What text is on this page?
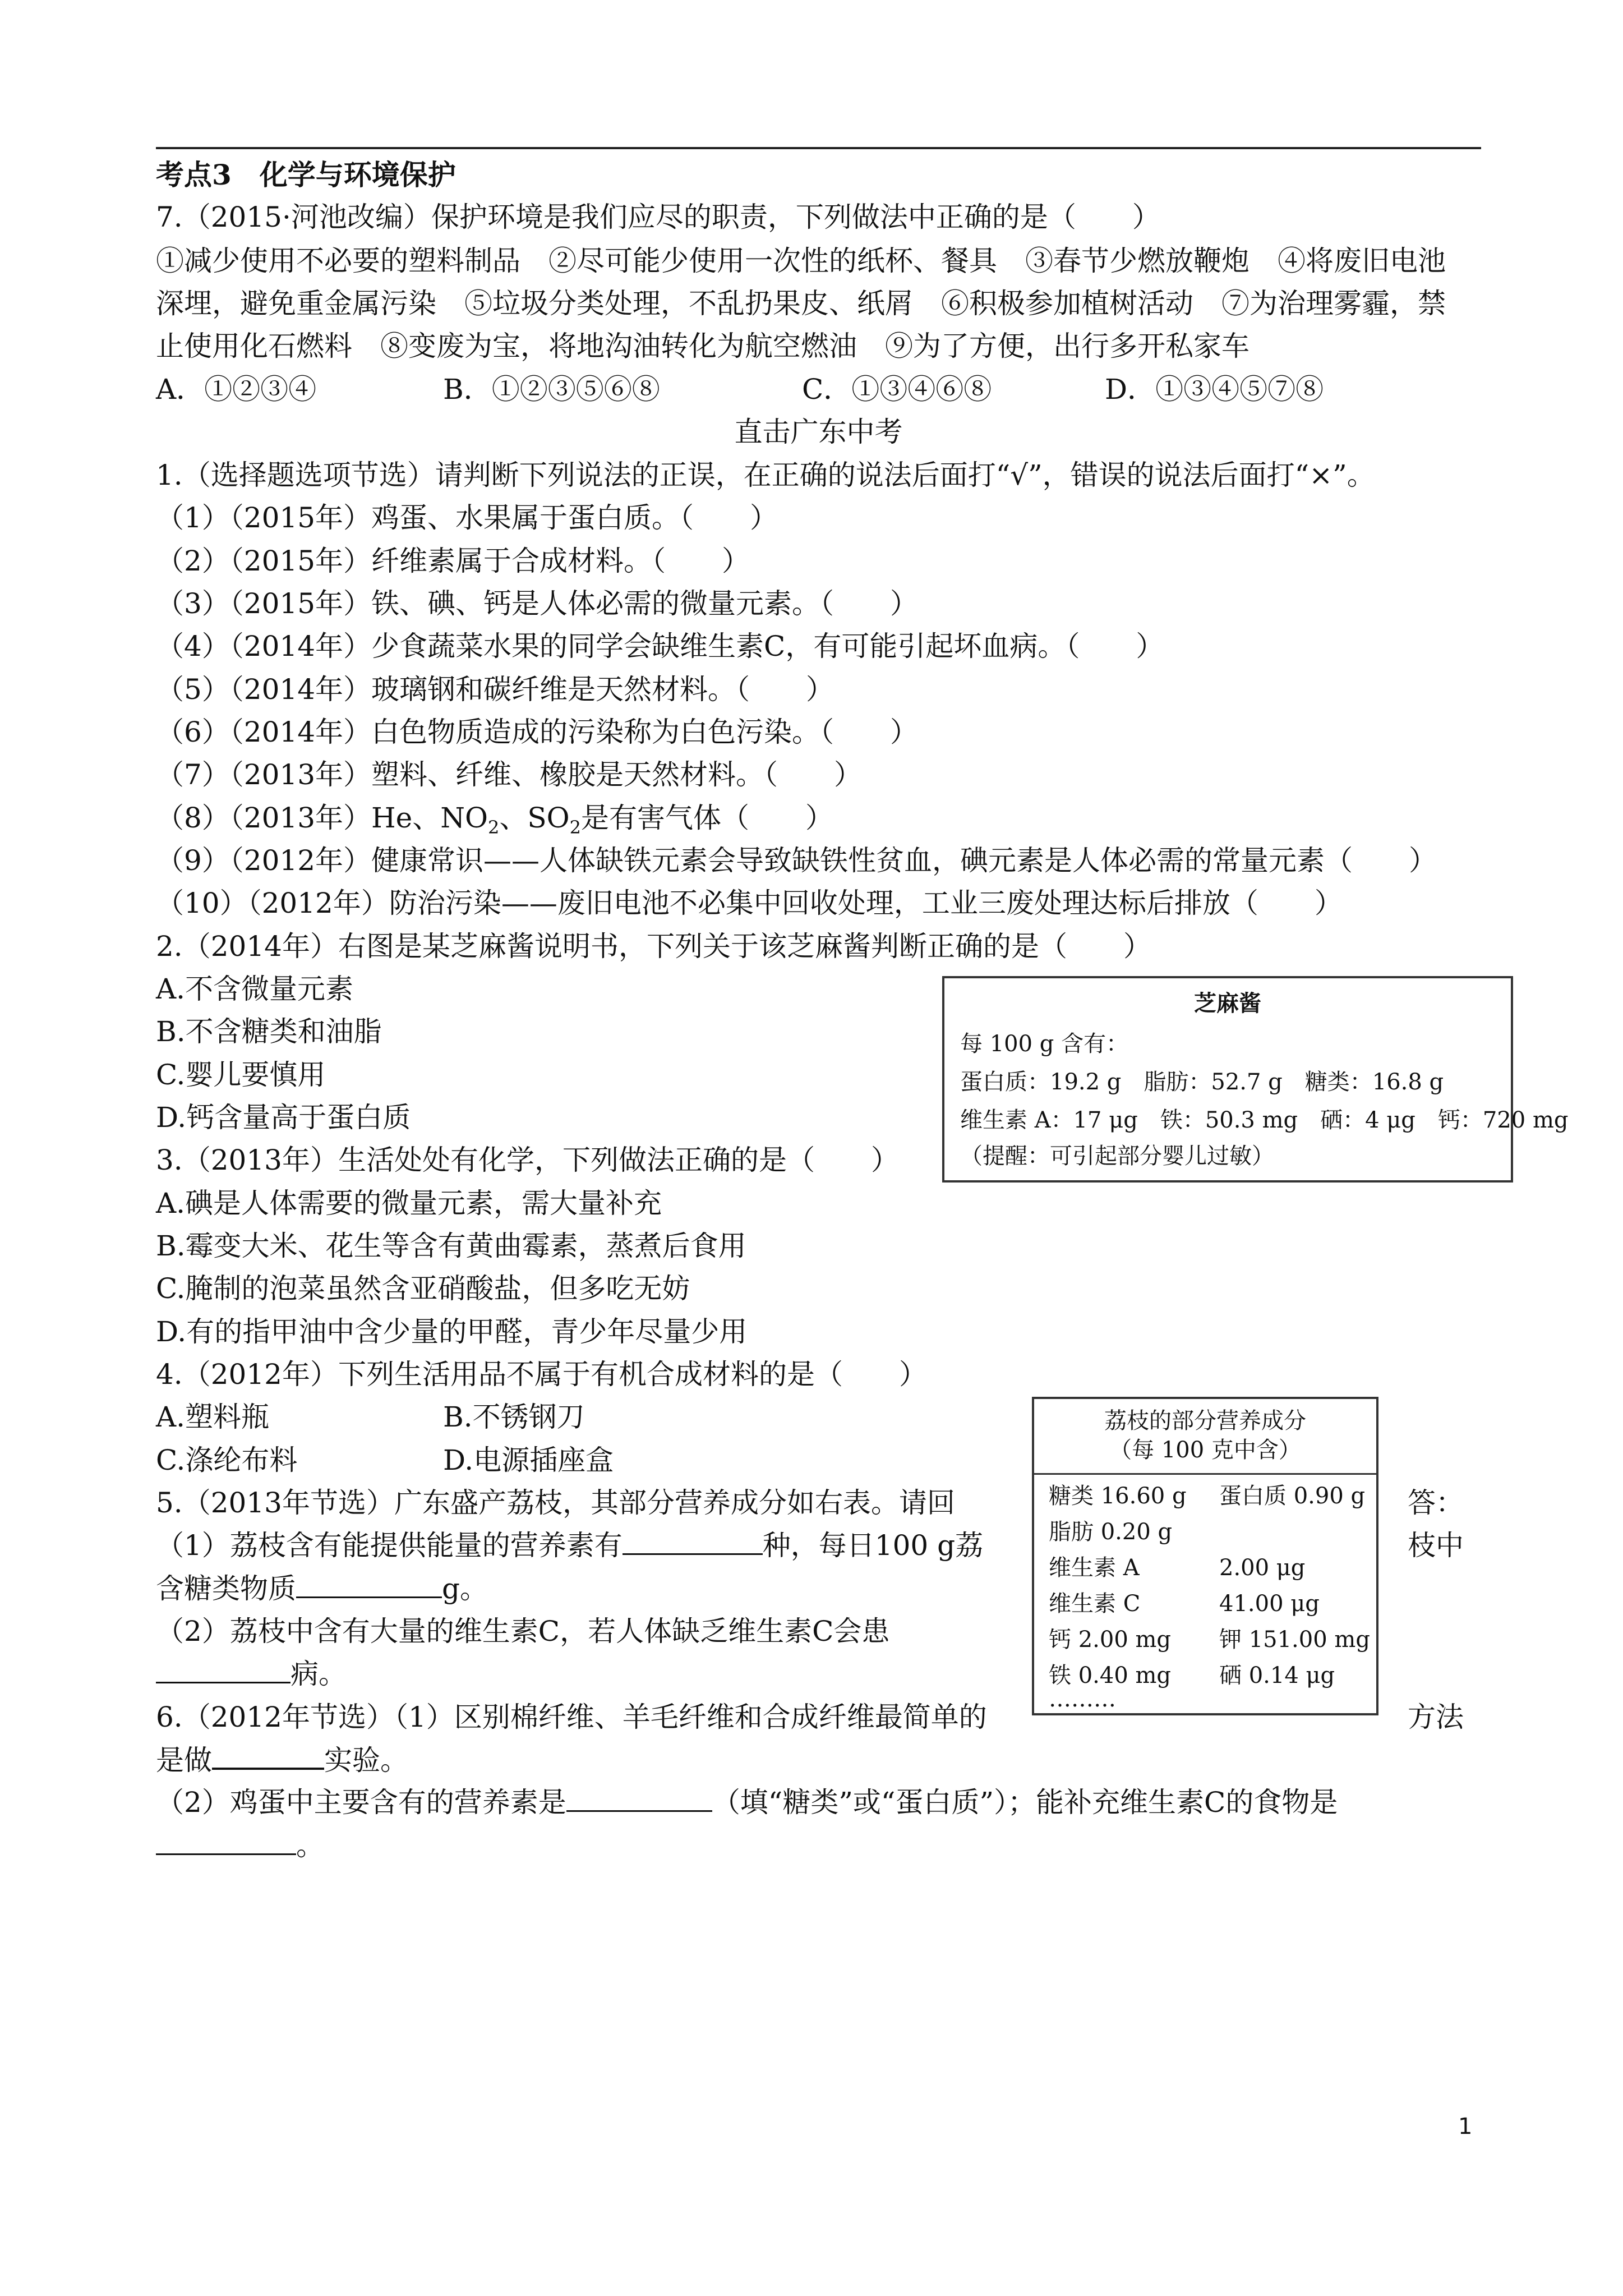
考点3　化学与环境保护
7.（2015·河池改编）保护环境是我们应尽的职责，下列做法中正确的是（　　）
①减少使用不必要的塑料制品　②尽可能少使用一次性的纸杯、餐具　③春节少燃放鞭炮　④将废旧电池
深埋，避免重金属污染　⑤垃圾分类处理，不乱扔果皮、纸屑　⑥积极参加植树活动　⑦为治理雾霾，禁
止使用化石燃料　⑧变废为宝，将地沟油转化为航空燃油　⑨为了方便，出行多开私家车
A．①②③④	B．①②③⑤⑥⑧	C．①③④⑥⑧	D．①③④⑤⑦⑧
直击广东中考
1.（选择题选项节选）请判断下列说法的正误，在正确的说法后面打“√”，错误的说法后面打“×”。
（1）（2015年）鸡蛋、水果属于蛋白质。（　　）
（2）（2015年）纤维素属于合成材料。（　　）
（3）（2015年）铁、碘、钙是人体必需的微量元素。（　　）
（4）（2014年）少食蔬菜水果的同学会缺维生素C，有可能引起坏血病。（　　）
（5）（2014年）玻璃钢和碳纤维是天然材料。（　　）
（6）（2014年）白色物质造成的污染称为白色污染。（　　）
（7）（2013年）塑料、纤维、橡胶是天然材料。（　　）
（8）（2013年）He、$NO_2$、$SO_2$是有害气体（　　）
（9）（2012年）健康常识——人体缺铁元素会导致缺铁性贫血，碘元素是人体必需的常量元素（　　）
（10）（2012年）防治污染——废旧电池不必集中回收处理，工业三废处理达标后排放（　　）
2.（2014年）右图是某芝麻酱说明书，下列关于该芝麻酱判断正确的是（　　）
A.不含微量元素
B.不含糖类和油脂
C.婴儿要慎用
D.钙含量高于蛋白质
芝麻酱
每 100 g 含有：
蛋白质：19.2 g　脂肪：52.7 g　糖类：16.8 g
维生素 A：17 μg　铁：50.3 mg　硒：4 μg　钙：720 mg
（提醒：可引起部分婴儿过敏）
3.（2013年）生活处处有化学，下列做法正确的是（　　）
A.碘是人体需要的微量元素，需大量补充
B.霉变大米、花生等含有黄曲霉素，蒸煮后食用
C.腌制的泡菜虽然含亚硝酸盐，但多吃无妨
D.有的指甲油中含少量的甲醛，青少年尽量少用
4.（2012年）下列生活用品不属于有机合成材料的是（　　）
A.塑料瓶	B.不锈钢刀
C.涤纶布料	D.电源插座盒
5.（2013年节选）广东盛产荔枝，其部分营养成分如右表。请回	答：
（1）荔枝含有能提供能量的营养素有	种，每日100 g荔	枝中
含糖类物质	g。
（2）荔枝中含有大量的维生素C，若人体缺乏维生素C会患
病。
荔枝的部分营养成分
（每 100 克中含）
糖类 16.60 g 蛋白质 0.90 g
脂肪 0.20 g
维生素 A	2.00 μg
维生素 C	41.00 μg
钙 2.00 mg 钾 151.00 mg
铁 0.40 mg 硒 0.14 μg
………
6.（2012年节选）（1）区别棉纤维、羊毛纤维和合成纤维最简单的	方法
是做	实验。
（2）鸡蛋中主要含有的营养素是	（填“糖类”或“蛋白质”）；能补充维生素C的食物是
。
1
